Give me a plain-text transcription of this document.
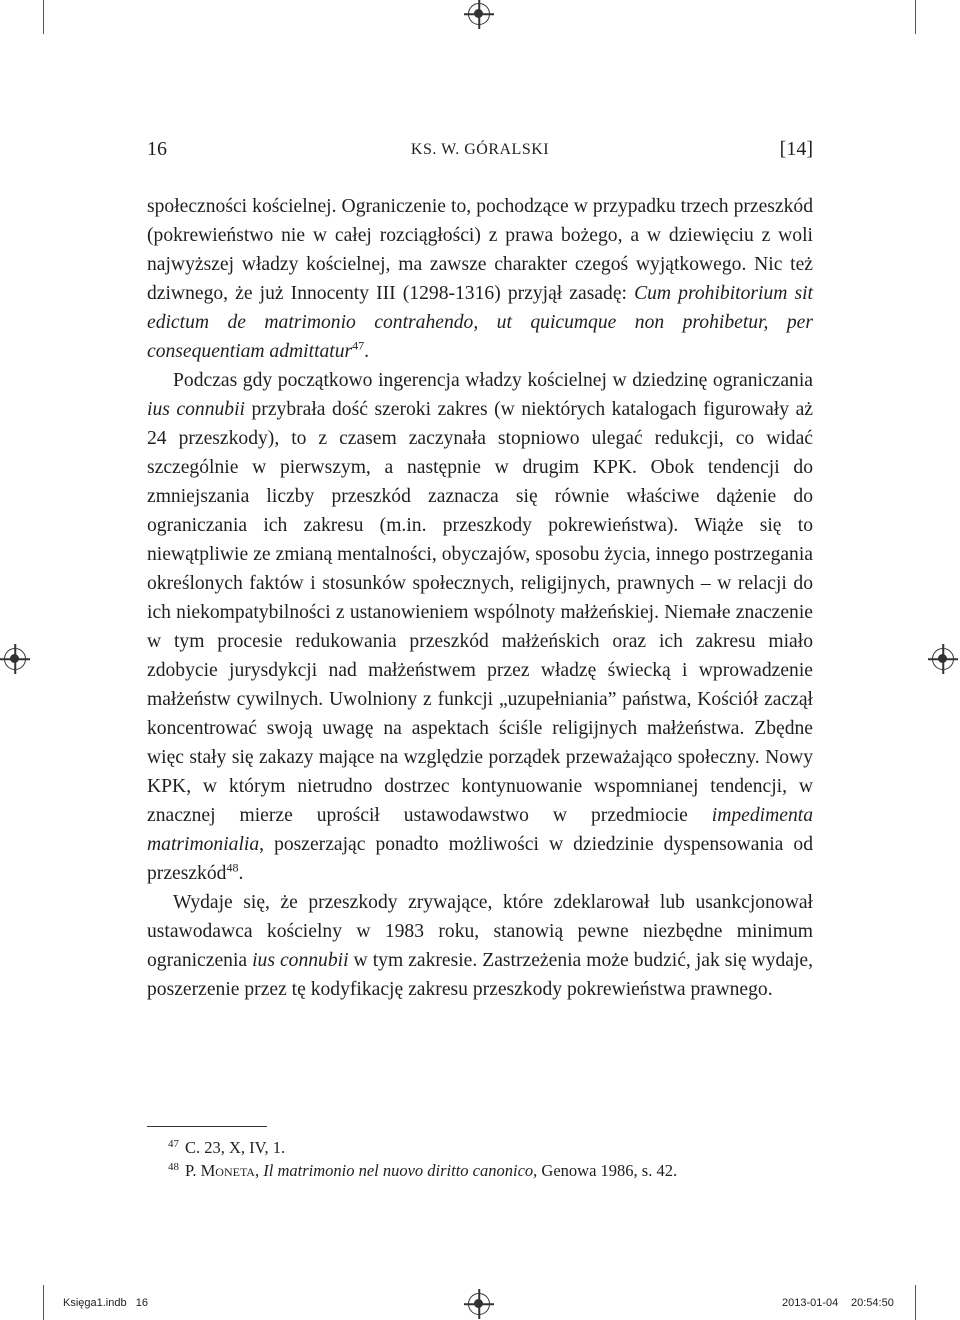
16	KS. W. GÓRALSKI	[14]

społeczności kościelnej. Ograniczenie to, pochodzące w przypadku trzech przeszkód (pokrewieństwo nie w całej rozciągłości) z prawa bożego, a w dziewięciu z woli najwyższej władzy kościelnej, ma zawsze charakter czegoś wyjątkowego. Nic też dziwnego, że już Innocenty III (1298-1316) przyjął zasadę: Cum prohibitorium sit edictum de matrimonio contrahendo, ut quicumque non prohibetur, per consequentiam admittatur$^{47}$.

Podczas gdy początkowo ingerencja władzy kościelnej w dziedzinę ograniczania ius connubii przybrała dość szeroki zakres (w niektórych katalogach figurowały aż 24 przeszkody), to z czasem zaczynała stopniowo ulegać redukcji, co widać szczególnie w pierwszym, a następnie w drugim KPK. Obok tendencji do zmniejszania liczby przeszkód zaznacza się równie właściwe dążenie do ograniczania ich zakresu (m.in. przeszkody pokrewieństwa). Wiąże się to niewątpliwie ze zmianą mentalności, obyczajów, sposobu życia, innego postrzegania określonych faktów i stosunków społecznych, religijnych, prawnych – w relacji do ich niekompatybilności z ustanowieniem wspólnoty małżeńskiej. Niemałe znaczenie w tym procesie redukowania przeszkód małżeńskich oraz ich zakresu miało zdobycie jurysdykcji nad małżeństwem przez władzę świecką i wprowadzenie małżeństw cywilnych. Uwolniony z funkcji „uzupełniania” państwa, Kościół zaczął koncentrować swoją uwagę na aspektach ściśle religijnych małżeństwa. Zbędne więc stały się zakazy mające na względzie porządek przeważająco społeczny. Nowy KPK, w którym nietrudno dostrzec kontynuowanie wspomnianej tendencji, w znacznej mierze uprościł ustawodawstwo w przedmiocie impedimenta matrimonialia, poszerzając ponadto możliwości w dziedzinie dyspensowania od przeszkód$^{48}$.

Wydaje się, że przeszkody zrywające, które zdeklarował lub usankcjonował ustawodawca kościelny w 1983 roku, stanowią pewne niezbędne minimum ograniczenia ius connubii w tym zakresie. Zastrzeżenia może budzić, jak się wydaje, poszerzenie przez tę kodyfikację zakresu przeszkody pokrewieństwa prawnego.

$^{47}$ C. 23, X, IV, 1.
$^{48}$ P. Moneta, Il matrimonio nel nuovo diritto canonico, Genowa 1986, s. 42.
Księga1.indb   16	2013-01-04 20:54:50
